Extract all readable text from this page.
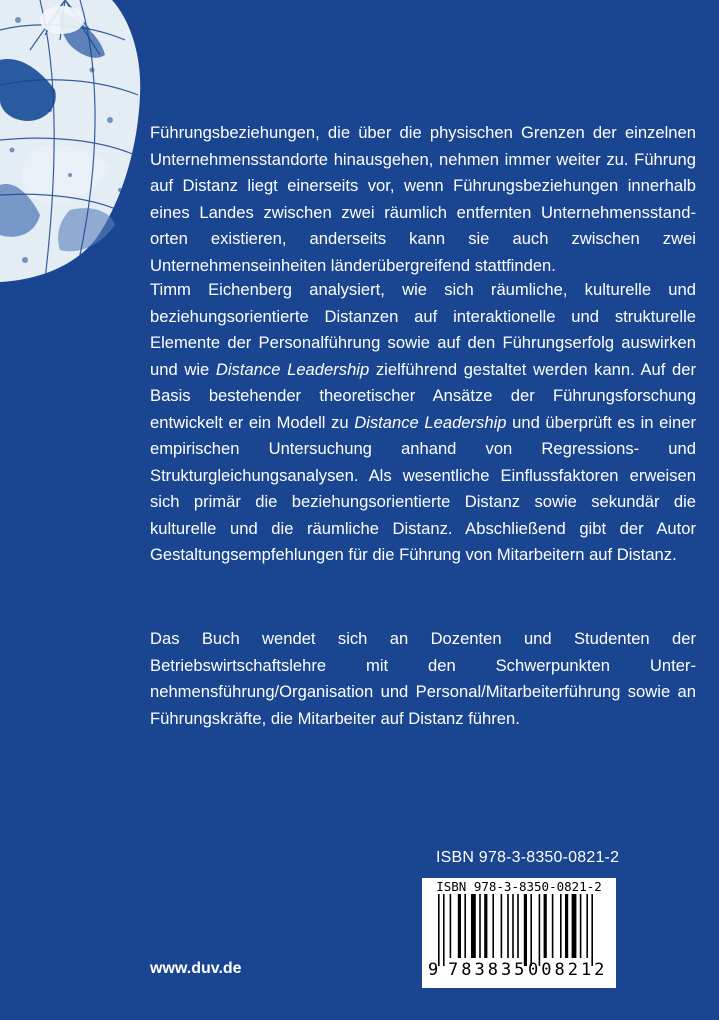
Führungsbeziehungen, die über die physischen Grenzen der einzelnen Unternehmensstandorte hinausgehen, nehmen immer weiter zu. Führung auf Distanz liegt einerseits vor, wenn Führungsbeziehungen innerhalb eines Landes zwischen zwei räumlich entfernten Unternehmensstandorten existieren, anderseits kann sie auch zwischen zwei Unternehmenseinheiten länderübergreifend stattfinden.

Timm Eichenberg analysiert, wie sich räumliche, kulturelle und beziehungsorientierte Distanzen auf interaktionelle und strukturelle Elemente der Personalführung sowie auf den Führungserfolg auswirken und wie Distance Leadership zielführend gestaltet werden kann. Auf der Basis bestehender theoretischer Ansätze der Führungsforschung entwickelt er ein Modell zu Distance Leadership und überprüft es in einer empirischen Untersuchung anhand von Regressions- und Strukturgleichungsanalysen. Als wesentliche Einflussfaktoren erweisen sich primär die beziehungsorientierte Distanz sowie sekundär die kulturelle und die räumliche Distanz. Abschließend gibt der Autor Gestaltungsempfehlungen für die Führung von Mitarbeitern auf Distanz.

Das Buch wendet sich an Dozenten und Studenten der Betriebswirtschaftslehre mit den Schwerpunkten Unternehmensführung/Organisation und Personal/Mitarbeiterführung sowie an Führungskräfte, die Mitarbeiter auf Distanz führen.

ISBN 978-3-8350-0821-2
ISBN 978-3-8350-0821-2
9 783835 008212
www.duv.de
